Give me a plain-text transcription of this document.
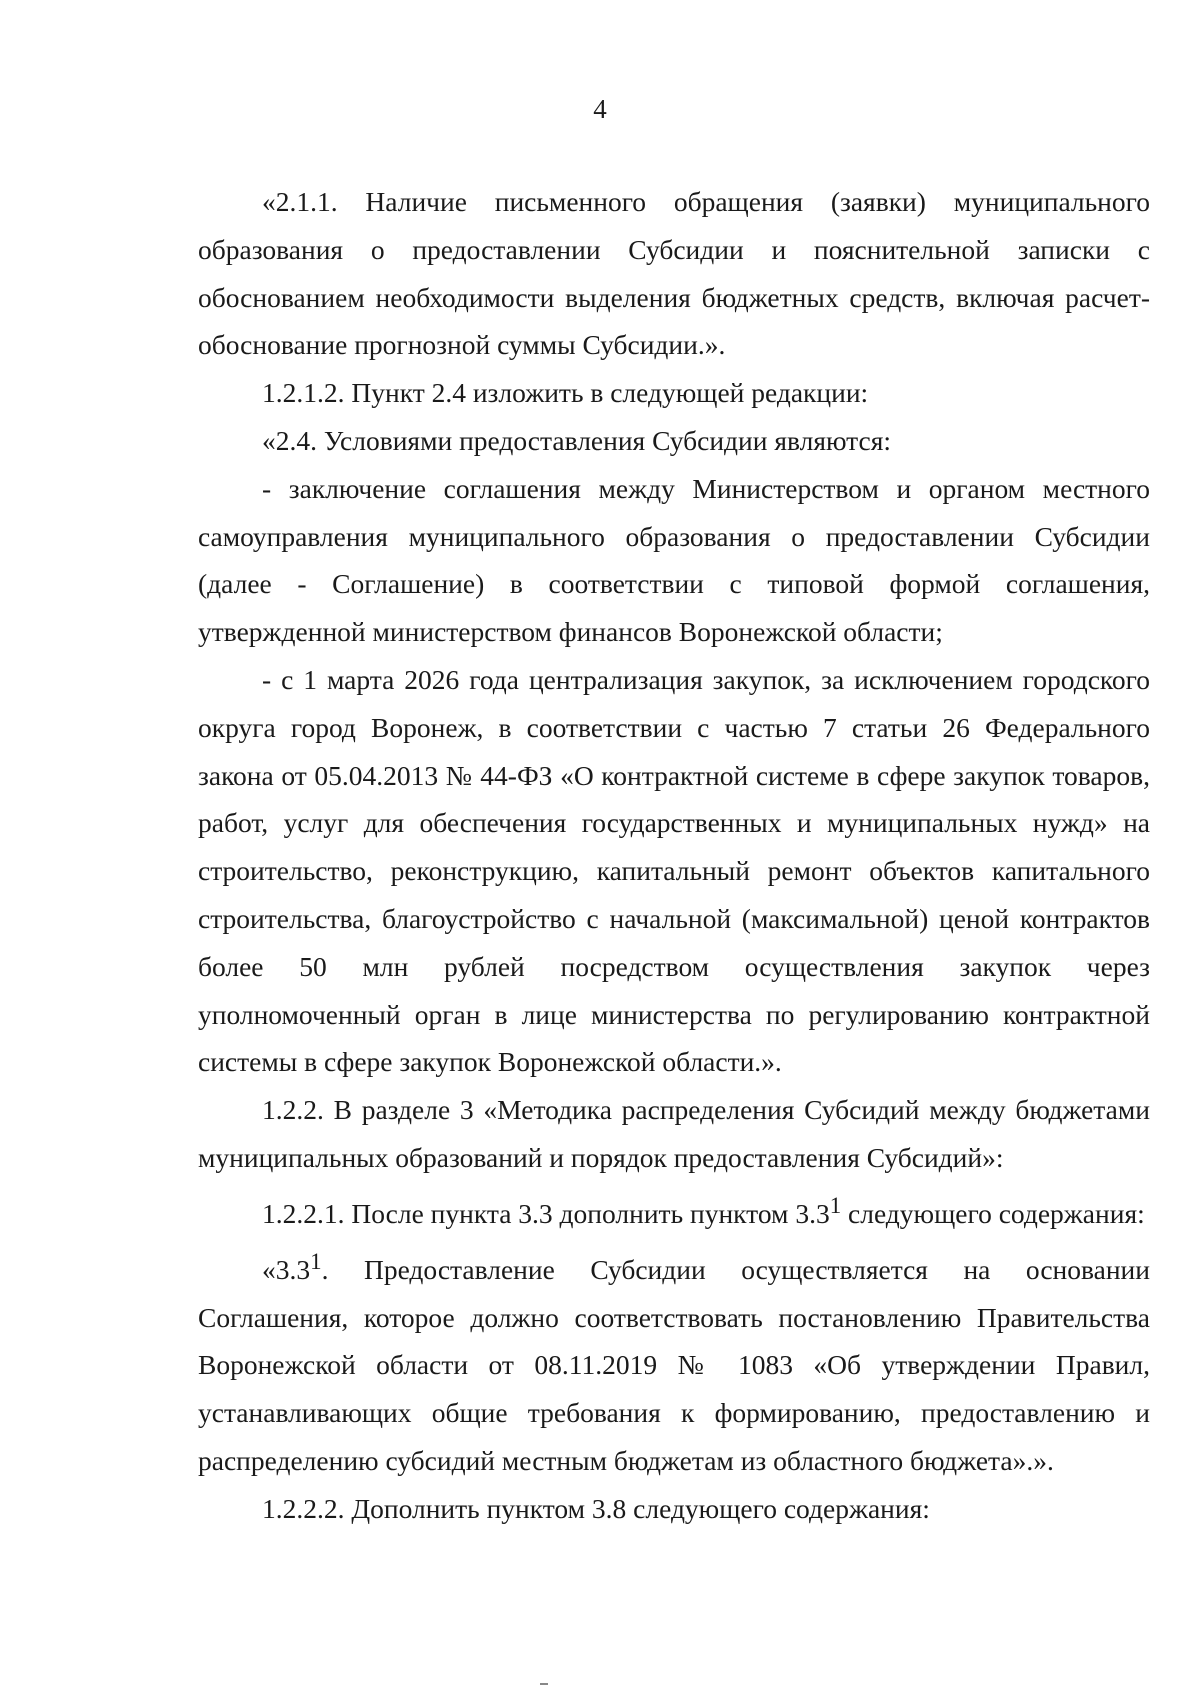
4

«2.1.1. Наличие письменного обращения (заявки) муниципального образования о предоставлении Субсидии и пояснительной записки с обоснованием необходимости выделения бюджетных средств, включая расчет-обоснование прогнозной суммы Субсидии.».

1.2.1.2. Пункт 2.4 изложить в следующей редакции:

«2.4. Условиями предоставления Субсидии являются:

- заключение соглашения между Министерством и органом местного самоуправления муниципального образования о предоставлении Субсидии (далее - Соглашение) в соответствии с типовой формой соглашения, утвержденной министерством финансов Воронежской области;

- с 1 марта 2026 года централизация закупок, за исключением городского округа город Воронеж, в соответствии с частью 7 статьи 26 Федерального закона от 05.04.2013 № 44-ФЗ «О контрактной системе в сфере закупок товаров, работ, услуг для обеспечения государственных и муниципальных нужд» на строительство, реконструкцию, капитальный ремонт объектов капитального строительства, благоустройство с начальной (максимальной) ценой контрактов более 50 млн рублей посредством осуществления закупок через уполномоченный орган в лице министерства по регулированию контрактной системы в сфере закупок Воронежской области.».

1.2.2. В разделе 3 «Методика распределения Субсидий между бюджетами муниципальных образований и порядок предоставления Субсидий»:

1.2.2.1. После пункта 3.3 дополнить пунктом $3.3^1$ следующего содержания:

«$3.3^1$. Предоставление Субсидии осуществляется на основании Соглашения, которое должно соответствовать постановлению Правительства Воронежской области от 08.11.2019 № 1083 «Об утверждении Правил, устанавливающих общие требования к формированию, предоставлению и распределению субсидий местным бюджетам из областного бюджета».».

1.2.2.2. Дополнить пунктом 3.8 следующего содержания:
